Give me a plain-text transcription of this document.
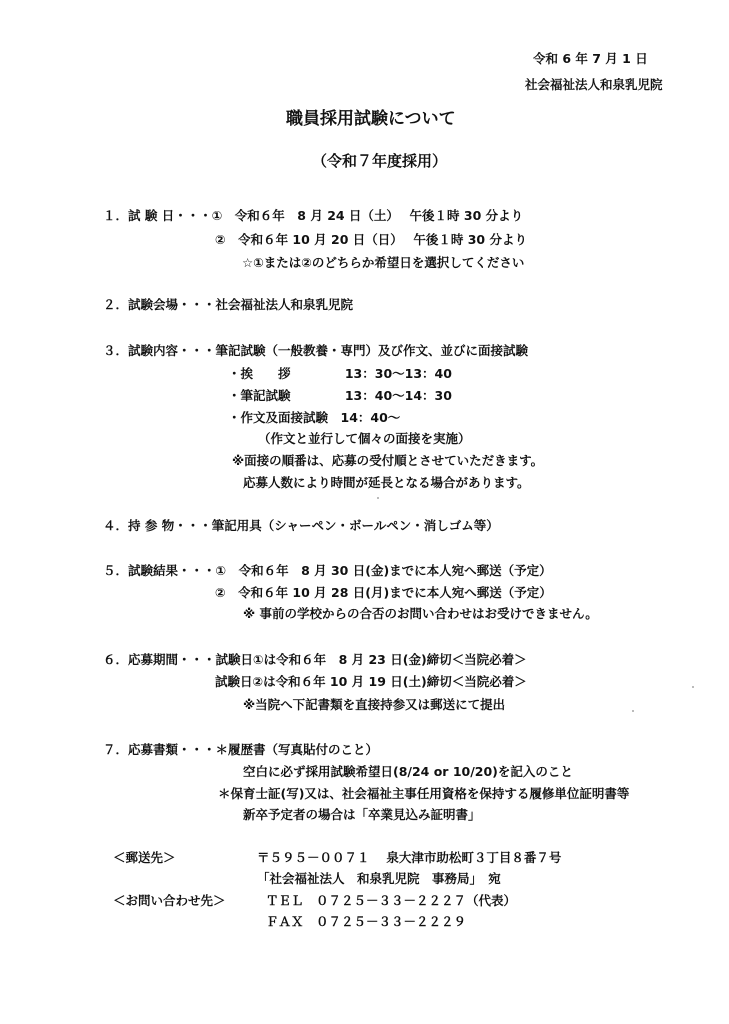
令和 6 年 7 月 1 日
社会福祉法人和泉乳児院
職員採用試験について
（令和７年度採用）
１．試 験 日・・・①　令和６年　8 月 24 日（土）　 午後１時 30 分より
②　令和６年 10 月 20 日（日）　 午後１時 30 分より
☆①または②のどちらか希望日を選択してください
２．試験会場・・・社会福祉法人和泉乳児院
３．試験内容・・・筆記試験（一般教養・専門）及び作文、並びに面接試験
・挨　　拶　　　　 13：30〜13：40
・筆記試験　　　　 13：40〜14：30
・作文及面接試験　14：40〜
（作文と並行して個々の面接を実施）
※面接の順番は、応募の受付順とさせていただきます。
応募人数により時間が延長となる場合があります。
４．持 参 物・・・筆記用具（シャーペン・ボールペン・消しゴム等）
５．試験結果・・・①　令和６年　8 月 30 日(金)までに本人宛へ郵送（予定）
②　令和６年 10 月 28 日(月)までに本人宛へ郵送（予定）
※ 事前の学校からの合否のお問い合わせはお受けできません。
６．応募期間・・・試験日①は令和６年　8 月 23 日(金)締切＜当院必着＞
試験日②は令和６年 10 月 19 日(土)締切＜当院必着＞
※当院へ下記書類を直接持参又は郵送にて提出
７．応募書類・・・＊履歴書（写真貼付のこと）
空白に必ず採用試験希望日(8/24 or 10/20)を記入のこと
＊保育士証(写)又は、社会福祉主事任用資格を保持する履修単位証明書等
新卒予定者の場合は「卒業見込み証明書」
＜郵送先＞	〒５９５－００７１　 泉大津市助松町３丁目８番７号
「社会福祉法人　和泉乳児院　事務局」　宛
＜お問い合わせ先＞	ＴＥＬ　０７２５－３３－２２２７（代表）
ＦＡＸ　０７２５－３３－２２２９
